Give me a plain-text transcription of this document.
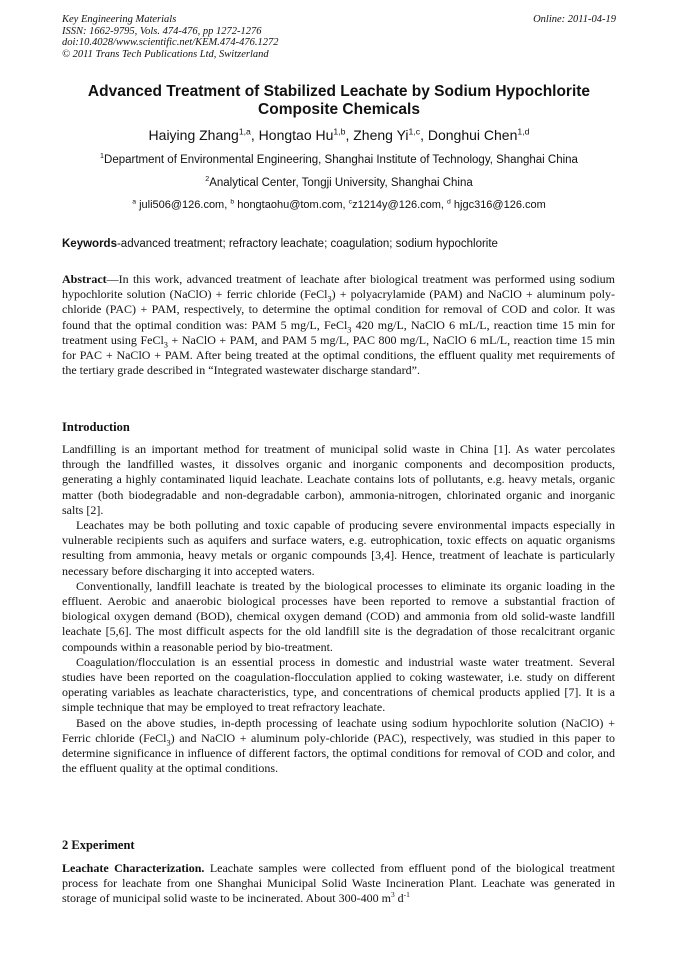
Key Engineering Materials
ISSN: 1662-9795, Vols. 474-476, pp 1272-1276
doi:10.4028/www.scientific.net/KEM.474-476.1272
© 2011 Trans Tech Publications Ltd, Switzerland
Online: 2011-04-19
Advanced Treatment of Stabilized Leachate by Sodium Hypochlorite
Composite Chemicals
Haiying Zhang$^{1,a}$, Hongtao Hu$^{1,b}$, Zheng Yi$^{1,c}$, Donghui Chen$^{1,d}$
$^1$Department of Environmental Engineering, Shanghai Institute of Technology, Shanghai China
$^2$Analytical Center, Tongji University, Shanghai China
$^a$ juli506@126.com, $^b$ hongtaohu@tom.com, $^c$z1214y@126.com, $^d$ hjgc316@126.com
Keywords-advanced treatment; refractory leachate; coagulation; sodium hypochlorite

Abstract—In this work, advanced treatment of leachate after biological treatment was performed using sodium hypochlorite solution (NaClO) + ferric chloride (FeCl$_3$) + polyacrylamide (PAM) and NaClO + aluminum poly-chloride (PAC) + PAM, respectively, to determine the optimal condition for removal of COD and color. It was found that the optimal condition was: PAM 5 mg/L, FeCl$_3$ 420 mg/L, NaClO 6 mL/L, reaction time 15 min for treatment using FeCl$_3$ + NaClO + PAM, and PAM 5 mg/L, PAC 800 mg/L, NaClO 6 mL/L, reaction time 15 min for PAC + NaClO + PAM. After being treated at the optimal conditions, the effluent quality met requirements of the tertiary grade described in “Integrated wastewater discharge standard”.

Introduction

Landfilling is an important method for treatment of municipal solid waste in China [1]. As water percolates through the landfilled wastes, it dissolves organic and inorganic components and decomposition products, generating a highly contaminated liquid leachate. Leachate contains lots of pollutants, e.g. heavy metals, organic matter (both biodegradable and non-degradable carbon), ammonia-nitrogen, chlorinated organic and inorganic salts [2].

Leachates may be both polluting and toxic capable of producing severe environmental impacts especially in vulnerable recipients such as aquifers and surface waters, e.g. eutrophication, toxic effects on aquatic organisms resulting from ammonia, heavy metals or organic compounds [3,4]. Hence, treatment of leachate is particularly necessary before discharging it into accepted waters.

Conventionally, landfill leachate is treated by the biological processes to eliminate its organic loading in the effluent. Aerobic and anaerobic biological processes have been reported to remove a substantial fraction of biological oxygen demand (BOD), chemical oxygen demand (COD) and ammonia from old solid-waste landfill leachate [5,6]. The most difficult aspects for the old landfill site is the degradation of those recalcitrant organic compounds within a reasonable period by bio-treatment.

Coagulation/flocculation is an essential process in domestic and industrial waste water treatment. Several studies have been reported on the coagulation-flocculation applied to coking wastewater, i.e. study on different operating variables as leachate characteristics, type, and concentrations of chemical products applied [7]. It is a simple technique that may be employed to treat refractory leachate.

Based on the above studies, in-depth processing of leachate using sodium hypochlorite solution (NaClO) + Ferric chloride (FeCl$_3$) and NaClO + aluminum poly-chloride (PAC), respectively, was studied in this paper to determine significance in influence of different factors, the optimal conditions for removal of COD and color, and the effluent quality at the optimal conditions.

2 Experiment

Leachate Characterization. Leachate samples were collected from effluent pond of the biological treatment process for leachate from one Shanghai Municipal Solid Waste Incineration Plant. Leachate was generated in storage of municipal solid waste to be incinerated. About 300-400 $m^3$ $d^{-1}$
